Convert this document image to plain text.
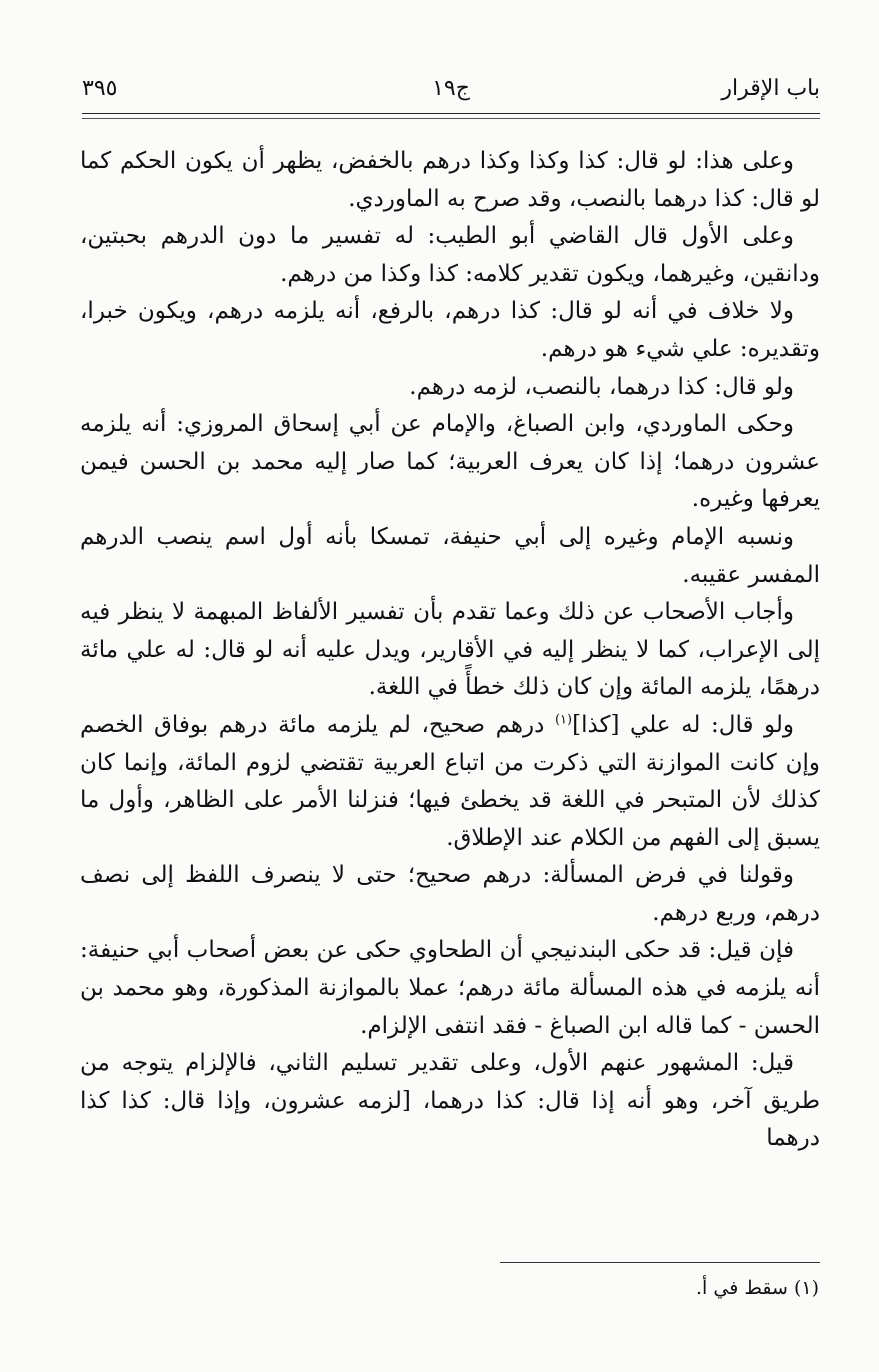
باب الإقرار
ج١٩
٣٩٥

وعلى هذا: لو قال: كذا وكذا وكذا درهم بالخفض، يظهر أن يكون الحكم كما لو قال: كذا درهما بالنصب، وقد صرح به الماوردي.

وعلى الأول قال القاضي أبو الطيب: له تفسير ما دون الدرهم بحبتين، ودانقين، وغيرهما، ويكون تقدير كلامه: كذا وكذا من درهم.

ولا خلاف في أنه لو قال: كذا درهم، بالرفع، أنه يلزمه درهم، ويكون خبرا، وتقديره: علي شيء هو درهم.

ولو قال: كذا درهما، بالنصب، لزمه درهم.

وحكى الماوردي، وابن الصباغ، والإمام عن أبي إسحاق المروزي: أنه يلزمه عشرون درهما؛ إذا كان يعرف العربية؛ كما صار إليه محمد بن الحسن فيمن يعرفها وغيره.

ونسبه الإمام وغيره إلى أبي حنيفة، تمسكا بأنه أول اسم ينصب الدرهم المفسر عقيبه.

وأجاب الأصحاب عن ذلك وعما تقدم بأن تفسير الألفاظ المبهمة لا ينظر فيه إلى الإعراب، كما لا ينظر إليه في الأقارير، ويدل عليه أنه لو قال: له علي مائة درهمًا، يلزمه المائة وإن كان ذلك خطأً في اللغة.

ولو قال: له علي [كذا]$^{(١)}$ درهم صحيح، لم يلزمه مائة درهم بوفاق الخصم وإن كانت الموازنة التي ذكرت من اتباع العربية تقتضي لزوم المائة، وإنما كان كذلك لأن المتبحر في اللغة قد يخطئ فيها؛ فنزلنا الأمر على الظاهر، وأول ما يسبق إلى الفهم من الكلام عند الإطلاق.

وقولنا في فرض المسألة: درهم صحيح؛ حتى لا ينصرف اللفظ إلى نصف درهم، وربع درهم.

فإن قيل: قد حكى البندنيجي أن الطحاوي حكى عن بعض أصحاب أبي حنيفة: أنه يلزمه في هذه المسألة مائة درهم؛ عملا بالموازنة المذكورة، وهو محمد بن الحسن - كما قاله ابن الصباغ - فقد انتفى الإلزام.

قيل: المشهور عنهم الأول، وعلى تقدير تسليم الثاني، فالإلزام يتوجه من طريق آخر، وهو أنه إذا قال: كذا درهما، [لزمه عشرون، وإذا قال: كذا كذا درهما

(١) سقط في أ.
